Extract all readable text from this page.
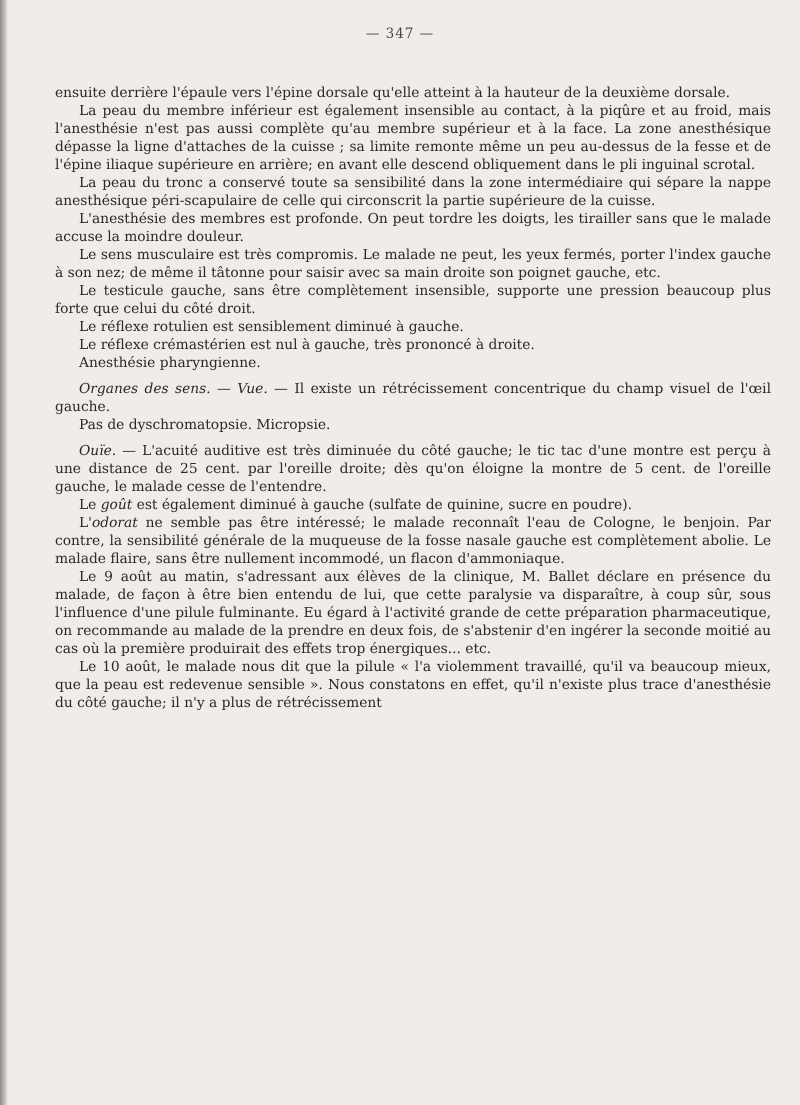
— 347 —

ensuite derrière l'épaule vers l'épine dorsale qu'elle atteint à la hauteur de la deuxième dorsale.

La peau du membre inférieur est également insensible au contact, à la piqûre et au froid, mais l'anesthésie n'est pas aussi complète qu'au membre supérieur et à la face. La zone anesthésique dépasse la ligne d'attaches de la cuisse ; sa limite remonte même un peu au-dessus de la fesse et de l'épine iliaque supérieure en arrière; en avant elle descend obliquement dans le pli inguinal scrotal.

La peau du tronc a conservé toute sa sensibilité dans la zone intermédiaire qui sépare la nappe anesthésique péri-scapulaire de celle qui circonscrit la partie supérieure de la cuisse.

L'anesthésie des membres est profonde. On peut tordre les doigts, les tirailler sans que le malade accuse la moindre douleur.

Le sens musculaire est très compromis. Le malade ne peut, les yeux fermés, porter l'index gauche à son nez; de même il tâtonne pour saisir avec sa main droite son poignet gauche, etc.

Le testicule gauche, sans être complètement insensible, supporte une pression beaucoup plus forte que celui du côté droit.

Le réflexe rotulien est sensiblement diminué à gauche.

Le réflexe crémastérien est nul à gauche, très prononcé à droite.

Anesthésie pharyngienne.

Organes des sens. — Vue. — Il existe un rétrécissement concentrique du champ visuel de l'œil gauche.

Pas de dyschromatopsie. Micropsie.

Ouïe. — L'acuité auditive est très diminuée du côté gauche; le tic tac d'une montre est perçu à une distance de 25 cent. par l'oreille droite; dès qu'on éloigne la montre de 5 cent. de l'oreille gauche, le malade cesse de l'entendre.

Le goût est également diminué à gauche (sulfate de quinine, sucre en poudre).

L'odorat ne semble pas être intéressé; le malade reconnaît l'eau de Cologne, le benjoin. Par contre, la sensibilité générale de la muqueuse de la fosse nasale gauche est complètement abolie. Le malade flaire, sans être nullement incommodé, un flacon d'ammoniaque.

Le 9 août au matin, s'adressant aux élèves de la clinique, M. Ballet déclare en présence du malade, de façon à être bien entendu de lui, que cette paralysie va disparaître, à coup sûr, sous l'influence d'une pilule fulminante. Eu égard à l'activité grande de cette préparation pharmaceutique, on recommande au malade de la prendre en deux fois, de s'abstenir d'en ingérer la seconde moitié au cas où la première produirait des effets trop énergiques... etc.

Le 10 août, le malade nous dit que la pilule « l'a violemment travaillé, qu'il va beaucoup mieux, que la peau est redevenue sensible ». Nous constatons en effet, qu'il n'existe plus trace d'anesthésie du côté gauche; il n'y a plus de rétrécissement
